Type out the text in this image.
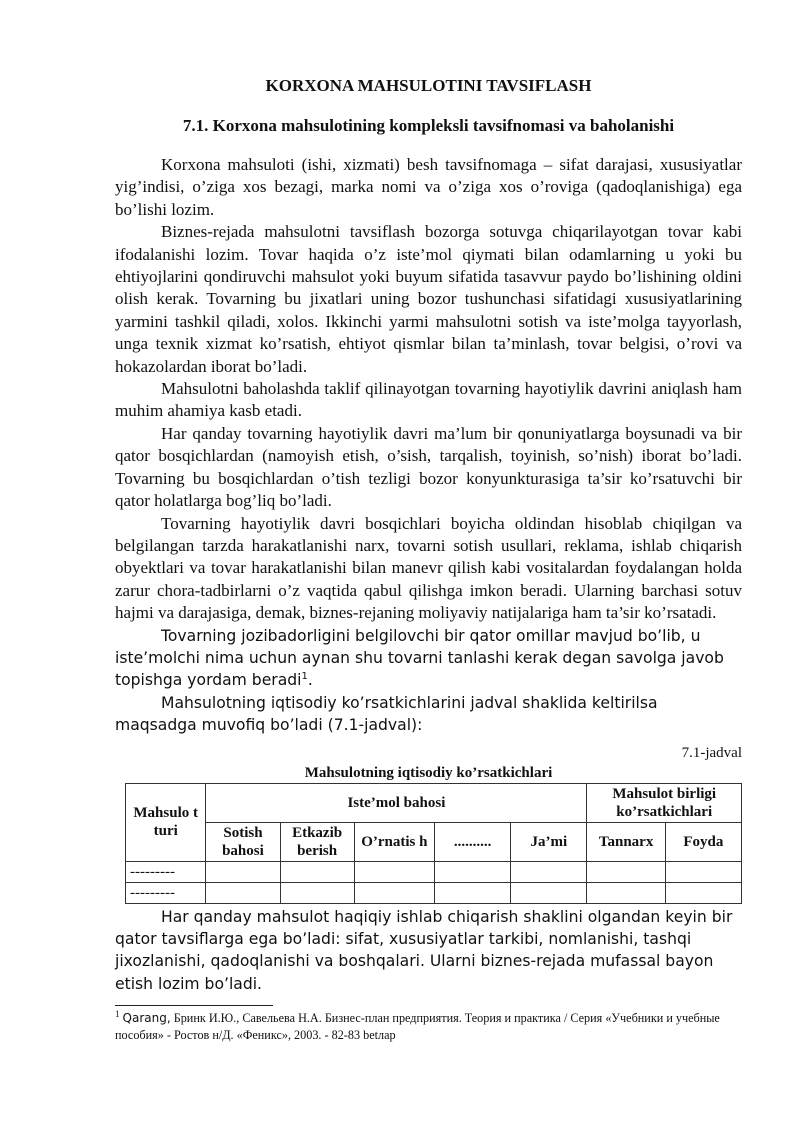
KORXONA MAHSULOTINI TAVSIFLASH
7.1. Korxona mahsulotining kompleksli tavsifnomasi va baholanishi

Korxona mahsuloti (ishi, xizmati) besh tavsifnomaga – sifat darajasi, xususiyatlar yig’indisi, o’ziga xos bezagi, marka nomi va o’ziga xos o’roviga (qadoqlanishiga) ega bo’lishi lozim.

Biznes-rejada mahsulotni tavsiflash bozorga sotuvga chiqarilayotgan tovar kabi ifodalanishi lozim. Tovar haqida o’z iste’mol qiymati bilan odamlarning u yoki bu ehtiyojlarini qondiruvchi mahsulot yoki buyum sifatida tasavvur paydo bo’lishining oldini olish kerak. Tovarning bu jixatlari uning bozor tushunchasi sifatidagi xususiyatlarining yarmini tashkil qiladi, xolos. Ikkinchi yarmi mahsulotni sotish va iste’molga tayyorlash, unga texnik xizmat ko’rsatish, ehtiyot qismlar bilan ta’minlash, tovar belgisi, o’rovi va hokazolardan iborat bo’ladi.

Mahsulotni baholashda taklif qilinayotgan tovarning hayotiylik davrini aniqlash ham muhim ahamiya kasb etadi.

Har qanday tovarning hayotiylik davri ma’lum bir qonuniyatlarga boysunadi va bir qator bosqichlardan (namoyish etish, o’sish, tarqalish, toyinish, so’nish) iborat bo’ladi. Tovarning bu bosqichlardan o’tish tezligi bozor konyunkturasiga ta’sir ko’rsatuvchi bir qator holatlarga bog’liq bo’ladi.

Tovarning hayotiylik davri bosqichlari boyicha oldindan hisoblab chiqilgan va belgilangan tarzda harakatlanishi narx, tovarni sotish usullari, reklama, ishlab chiqarish obyektlari va tovar harakatlanishi bilan manevr qilish kabi vositalardan foydalangan holda zarur chora-tadbirlarni o’z vaqtida qabul qilishga imkon beradi. Ularning barchasi sotuv hajmi va darajasiga, demak, biznes-rejaning moliyaviy natijalariga ham ta’sir ko’rsatadi.

Tovarning jozibadorligini belgilovchi bir qator omillar mavjud bo’lib, u iste’molchi nima uchun aynan shu tovarni tanlashi kerak degan savolga javob topishga yordam beradi$^1$.

Mahsulotning iqtisodiy ko’rsatkichlarini jadval shaklida keltirilsa maqsadga muvofiq bo’ladi (7.1-jadval):

7.1-jadval
Mahsulotning iqtisodiy ko’rsatkichlari
Mahsulo t turi	Iste’mol bahosi					Mahsulot birligi ko’rsatkichlari	
	Sotish bahosi	Etkazib berish	O’rnatis h	..........	Ja’mi	Tannarx	Foyda
---------							
---------							

Har qanday mahsulot haqiqiy ishlab chiqarish shaklini olgandan keyin bir qator tavsiflarga ega bo’ladi: sifat, xususiyatlar tarkibi, nomlanishi, tashqi jixozlanishi, qadoqlanishi va boshqalari. Ularni biznes-rejada mufassal bayon etish lozim bo’ladi.

$^1$ Qarang, Бринк И.Ю., Савельева Н.А. Бизнес-план предприятия. Теория и практика / Серия «Учебники и учебные пособия» - Ростов н/Д. «Феникс», 2003. - 82-83 betлар
